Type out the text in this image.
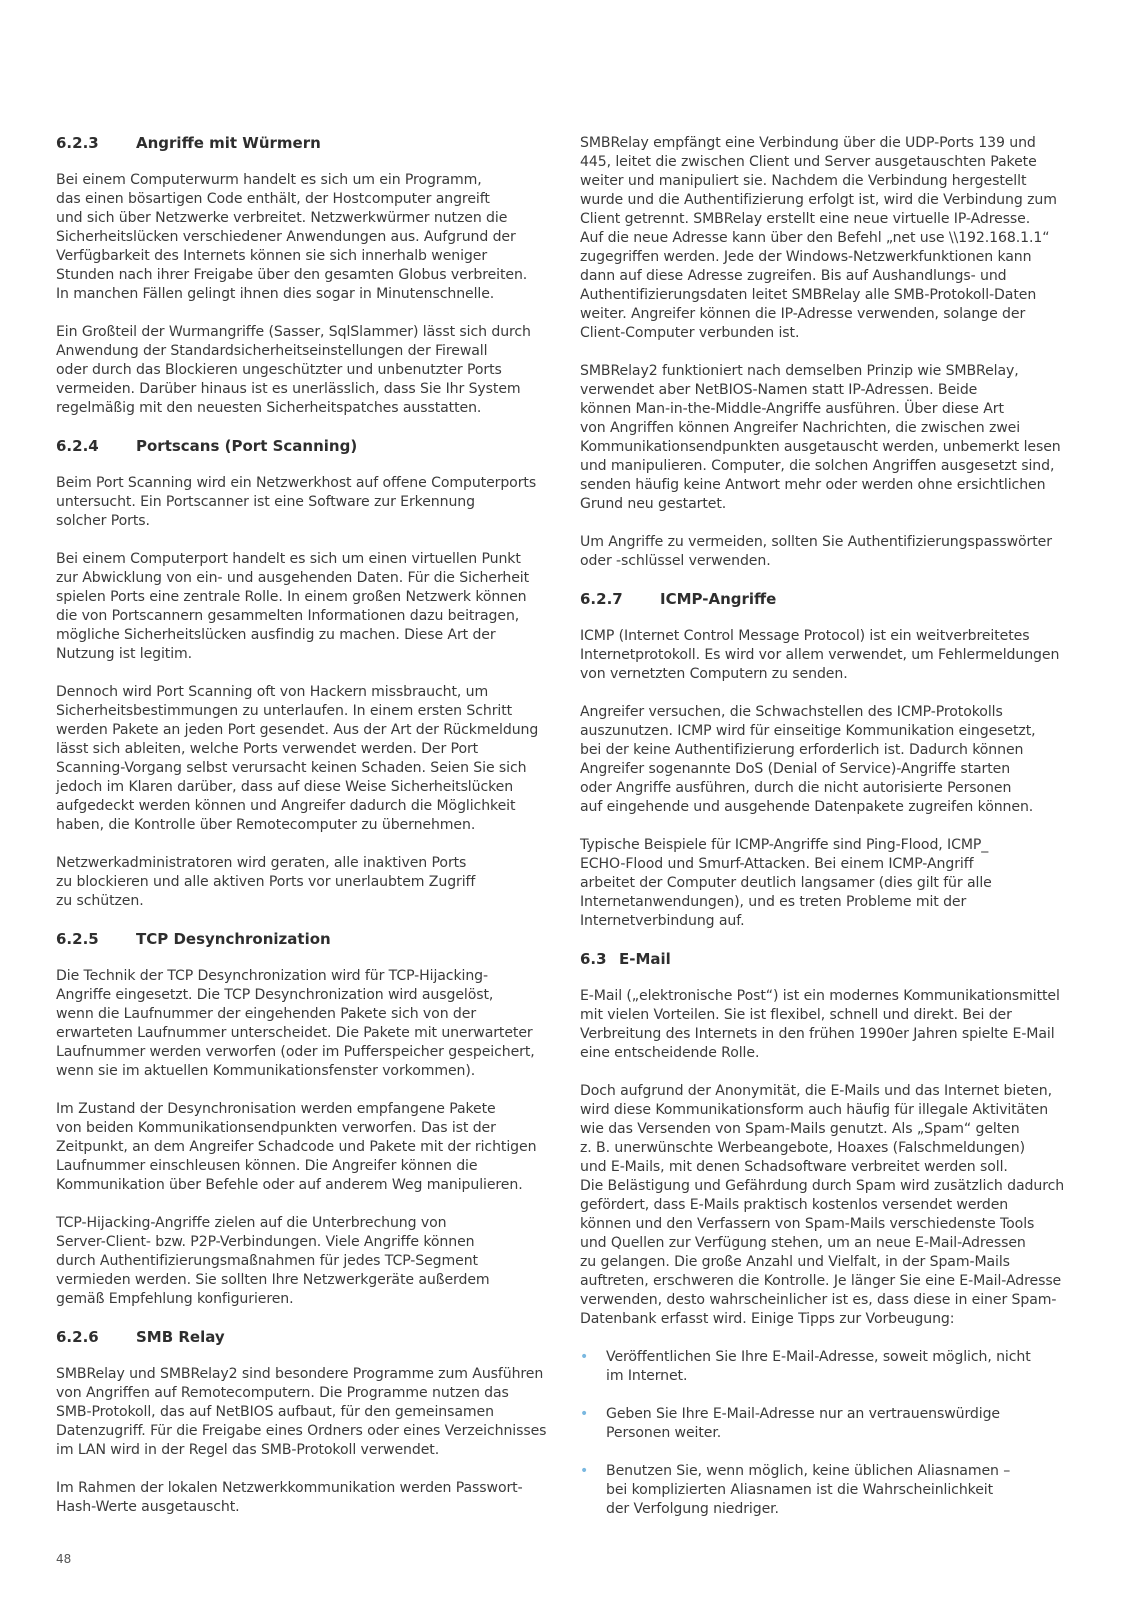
6.2.3	Angriffe mit Würmern

Bei einem Computerwurm handelt es sich um ein Programm,
das einen bösartigen Code enthält, der Hostcomputer angreift
und sich über Netzwerke verbreitet. Netzwerkwürmer nutzen die
Sicherheitslücken verschiedener Anwendungen aus. Aufgrund der
Verfügbarkeit des Internets können sie sich innerhalb weniger
Stunden nach ihrer Freigabe über den gesamten Globus verbreiten.
In manchen Fällen gelingt ihnen dies sogar in Minutenschnelle.

Ein Großteil der Wurmangriffe (Sasser, SqlSlammer) lässt sich durch
Anwendung der Standardsicherheitseinstellungen der Firewall
oder durch das Blockieren ungeschützter und unbenutzter Ports
vermeiden. Darüber hinaus ist es unerlässlich, dass Sie Ihr System
regelmäßig mit den neuesten Sicherheitspatches ausstatten.

6.2.4	Portscans (Port Scanning)

Beim Port Scanning wird ein Netzwerkhost auf offene Computerports
untersucht. Ein Portscanner ist eine Software zur Erkennung
solcher Ports.

Bei einem Computerport handelt es sich um einen virtuellen Punkt
zur Abwicklung von ein- und ausgehenden Daten. Für die Sicherheit
spielen Ports eine zentrale Rolle. In einem großen Netzwerk können
die von Portscannern gesammelten Informationen dazu beitragen,
mögliche Sicherheitslücken ausfindig zu machen. Diese Art der
Nutzung ist legitim.

Dennoch wird Port Scanning oft von Hackern missbraucht, um
Sicherheitsbestimmungen zu unterlaufen. In einem ersten Schritt
werden Pakete an jeden Port gesendet. Aus der Art der Rückmeldung
lässt sich ableiten, welche Ports verwendet werden. Der Port
Scanning-Vorgang selbst verursacht keinen Schaden. Seien Sie sich
jedoch im Klaren darüber, dass auf diese Weise Sicherheitslücken
aufgedeckt werden können und Angreifer dadurch die Möglichkeit
haben, die Kontrolle über Remotecomputer zu übernehmen.

Netzwerkadministratoren wird geraten, alle inaktiven Ports
zu blockieren und alle aktiven Ports vor unerlaubtem Zugriff
zu schützen.

6.2.5	TCP Desynchronization

Die Technik der TCP Desynchronization wird für TCP-Hijacking-
Angriffe eingesetzt. Die TCP Desynchronization wird ausgelöst,
wenn die Laufnummer der eingehenden Pakete sich von der
erwarteten Laufnummer unterscheidet. Die Pakete mit unerwarteter
Laufnummer werden verworfen (oder im Pufferspeicher gespeichert,
wenn sie im aktuellen Kommunikationsfenster vorkommen).

Im Zustand der Desynchronisation werden empfangene Pakete
von beiden Kommunikationsendpunkten verworfen. Das ist der
Zeitpunkt, an dem Angreifer Schadcode und Pakete mit der richtigen
Laufnummer einschleusen können. Die Angreifer können die
Kommunikation über Befehle oder auf anderem Weg manipulieren.

TCP-Hijacking-Angriffe zielen auf die Unterbrechung von
Server-Client- bzw. P2P-Verbindungen. Viele Angriffe können
durch Authentifizierungsmaßnahmen für jedes TCP-Segment
vermieden werden. Sie sollten Ihre Netzwerkgeräte außerdem
gemäß Empfehlung konfigurieren.

6.2.6	SMB Relay

SMBRelay und SMBRelay2 sind besondere Programme zum Ausführen
von Angriffen auf Remotecomputern. Die Programme nutzen das
SMB-Protokoll, das auf NetBIOS aufbaut, für den gemeinsamen
Datenzugriff. Für die Freigabe eines Ordners oder eines Verzeichnisses
im LAN wird in der Regel das SMB-Protokoll verwendet.

Im Rahmen der lokalen Netzwerkkommunikation werden Passwort-
Hash-Werte ausgetauscht.

SMBRelay empfängt eine Verbindung über die UDP-Ports 139 und
445, leitet die zwischen Client und Server ausgetauschten Pakete
weiter und manipuliert sie. Nachdem die Verbindung hergestellt
wurde und die Authentifizierung erfolgt ist, wird die Verbindung zum
Client getrennt. SMBRelay erstellt eine neue virtuelle IP-Adresse.
Auf die neue Adresse kann über den Befehl „net use \\192.168.1.1“
zugegriffen werden. Jede der Windows-Netzwerkfunktionen kann
dann auf diese Adresse zugreifen. Bis auf Aushandlungs- und
Authentifizierungsdaten leitet SMBRelay alle SMB-Protokoll-Daten
weiter. Angreifer können die IP-Adresse verwenden, solange der
Client-Computer verbunden ist.

SMBRelay2 funktioniert nach demselben Prinzip wie SMBRelay,
verwendet aber NetBIOS-Namen statt IP-Adressen. Beide
können Man-in-the-Middle-Angriffe ausführen. Über diese Art
von Angriffen können Angreifer Nachrichten, die zwischen zwei
Kommunikationsendpunkten ausgetauscht werden, unbemerkt lesen
und manipulieren. Computer, die solchen Angriffen ausgesetzt sind,
senden häufig keine Antwort mehr oder werden ohne ersichtlichen
Grund neu gestartet.

Um Angriffe zu vermeiden, sollten Sie Authentifizierungspasswörter
oder -schlüssel verwenden.

6.2.7	ICMP-Angriffe

ICMP (Internet Control Message Protocol) ist ein weitverbreitetes
Internetprotokoll. Es wird vor allem verwendet, um Fehlermeldungen
von vernetzten Computern zu senden.

Angreifer versuchen, die Schwachstellen des ICMP-Protokolls
auszunutzen. ICMP wird für einseitige Kommunikation eingesetzt,
bei der keine Authentifizierung erforderlich ist. Dadurch können
Angreifer sogenannte DoS (Denial of Service)-Angriffe starten
oder Angriffe ausführen, durch die nicht autorisierte Personen
auf eingehende und ausgehende Datenpakete zugreifen können.

Typische Beispiele für ICMP-Angriffe sind Ping-Flood, ICMP_
ECHO-Flood und Smurf-Attacken. Bei einem ICMP-Angriff
arbeitet der Computer deutlich langsamer (dies gilt für alle
Internetanwendungen), und es treten Probleme mit der
Internetverbindung auf.

6.3 E-Mail

E-Mail („elektronische Post“) ist ein modernes Kommunikationsmittel
mit vielen Vorteilen. Sie ist flexibel, schnell und direkt. Bei der
Verbreitung des Internets in den frühen 1990er Jahren spielte E-Mail
eine entscheidende Rolle.

Doch aufgrund der Anonymität, die E-Mails und das Internet bieten,
wird diese Kommunikationsform auch häufig für illegale Aktivitäten
wie das Versenden von Spam-Mails genutzt. Als „Spam“ gelten
z. B. unerwünschte Werbeangebote, Hoaxes (Falschmeldungen)
und E-Mails, mit denen Schadsoftware verbreitet werden soll.
Die Belästigung und Gefährdung durch Spam wird zusätzlich dadurch
gefördert, dass E-Mails praktisch kostenlos versendet werden
können und den Verfassern von Spam-Mails verschiedenste Tools
und Quellen zur Verfügung stehen, um an neue E-Mail-Adressen
zu gelangen. Die große Anzahl und Vielfalt, in der Spam-Mails
auftreten, erschweren die Kontrolle. Je länger Sie eine E-Mail-Adresse
verwenden, desto wahrscheinlicher ist es, dass diese in einer Spam-
Datenbank erfasst wird. Einige Tipps zur Vorbeugung:

• Veröffentlichen Sie Ihre E-Mail-Adresse, soweit möglich, nicht
im Internet.
• Geben Sie Ihre E-Mail-Adresse nur an vertrauenswürdige
Personen weiter.
• Benutzen Sie, wenn möglich, keine üblichen Aliasnamen –
bei komplizierten Aliasnamen ist die Wahrscheinlichkeit
der Verfolgung niedriger.
48
